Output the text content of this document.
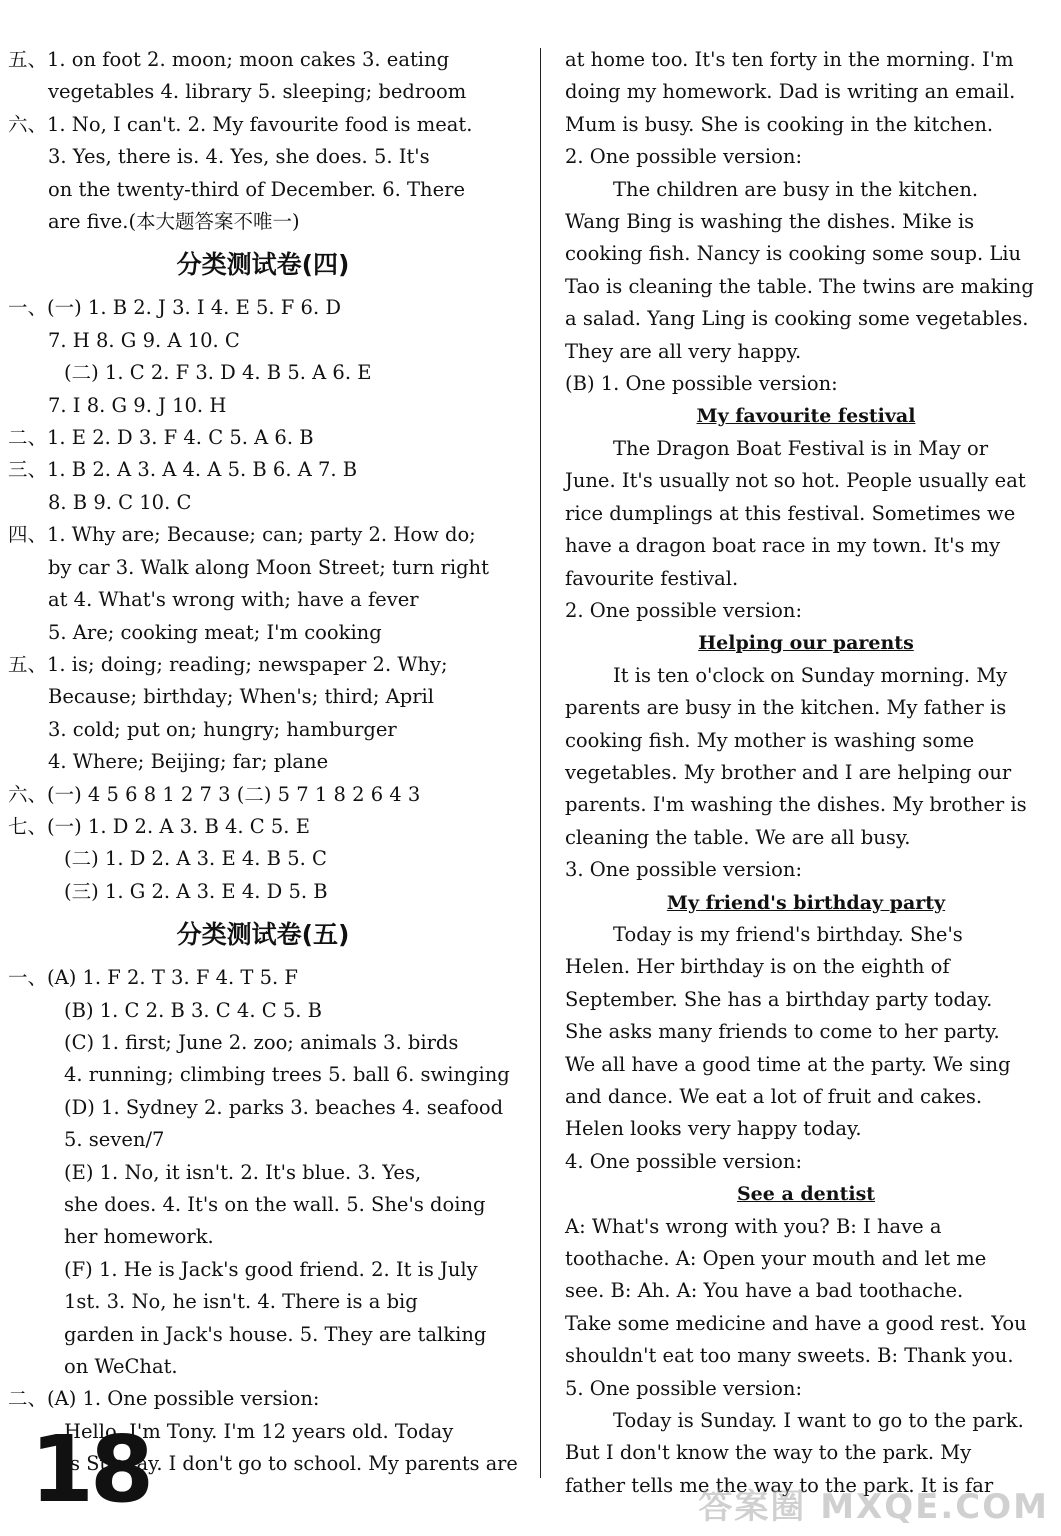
五、1. on foot 2. moon; moon cakes 3. eating
vegetables 4. library 5. sleeping; bedroom
六、1. No, I can't. 2. My favourite food is meat.
3. Yes, there is. 4. Yes, she does. 5. It's
on the twenty-third of December. 6. There
are five.(本大题答案不唯一)
分类测试卷(四)
一、(一) 1. B 2. J 3. I 4. E 5. F 6. D
7. H 8. G 9. A 10. C
(二) 1. C 2. F 3. D 4. B 5. A 6. E
7. I 8. G 9. J 10. H
二、1. E 2. D 3. F 4. C 5. A 6. B
三、1. B 2. A 3. A 4. A 5. B 6. A 7. B
8. B 9. C 10. C
四、1. Why are; Because; can; party 2. How do;
by car 3. Walk along Moon Street; turn right
at 4. What's wrong with; have a fever
5. Are; cooking meat; I'm cooking
五、1. is; doing; reading; newspaper 2. Why;
Because; birthday; When's; third; April
3. cold; put on; hungry; hamburger
4. Where; Beijing; far; plane
六、(一) 4 5 6 8 1 2 7 3 (二) 5 7 1 8 2 6 4 3
七、(一) 1. D 2. A 3. B 4. C 5. E
(二) 1. D 2. A 3. E 4. B 5. C
(三) 1. G 2. A 3. E 4. D 5. B
分类测试卷(五)
一、(A) 1. F 2. T 3. F 4. T 5. F
(B) 1. C 2. B 3. C 4. C 5. B
(C) 1. first; June 2. zoo; animals 3. birds
4. running; climbing trees 5. ball 6. swinging
(D) 1. Sydney 2. parks 3. beaches 4. seafood
5. seven/7
(E) 1. No, it isn't. 2. It's blue. 3. Yes,
she does. 4. It's on the wall. 5. She's doing
her homework.
(F) 1. He is Jack's good friend. 2. It is July
1st. 3. No, he isn't. 4. There is a big
garden in Jack's house. 5. They are talking
on WeChat.
二、(A) 1. One possible version:
Hello, I'm Tony. I'm 12 years old. Today
is Sunday. I don't go to school. My parents are
at home too. It's ten forty in the morning. I'm
doing my homework. Dad is writing an email.
Mum is busy. She is cooking in the kitchen.
2. One possible version:
The children are busy in the kitchen.
Wang Bing is washing the dishes. Mike is
cooking fish. Nancy is cooking some soup. Liu
Tao is cleaning the table. The twins are making
a salad. Yang Ling is cooking some vegetables.
They are all very happy.
(B) 1. One possible version:
My favourite festival
The Dragon Boat Festival is in May or
June. It's usually not so hot. People usually eat
rice dumplings at this festival. Sometimes we
have a dragon boat race in my town. It's my
favourite festival.
2. One possible version:
Helping our parents
It is ten o'clock on Sunday morning. My
parents are busy in the kitchen. My father is
cooking fish. My mother is washing some
vegetables. My brother and I are helping our
parents. I'm washing the dishes. My brother is
cleaning the table. We are all busy.
3. One possible version:
My friend's birthday party
Today is my friend's birthday. She's
Helen. Her birthday is on the eighth of
September. She has a birthday party today.
She asks many friends to come to her party.
We all have a good time at the party. We sing
and dance. We eat a lot of fruit and cakes.
Helen looks very happy today.
4. One possible version:
See a dentist
A: What's wrong with you? B: I have a
toothache. A: Open your mouth and let me
see. B: Ah. A: You have a bad toothache.
Take some medicine and have a good rest. You
shouldn't eat too many sweets. B: Thank you.
5. One possible version:
Today is Sunday. I want to go to the park.
But I don't know the way to the park. My
father tells me the way to the park. It is far
18	答案圈 MXQE.COM
